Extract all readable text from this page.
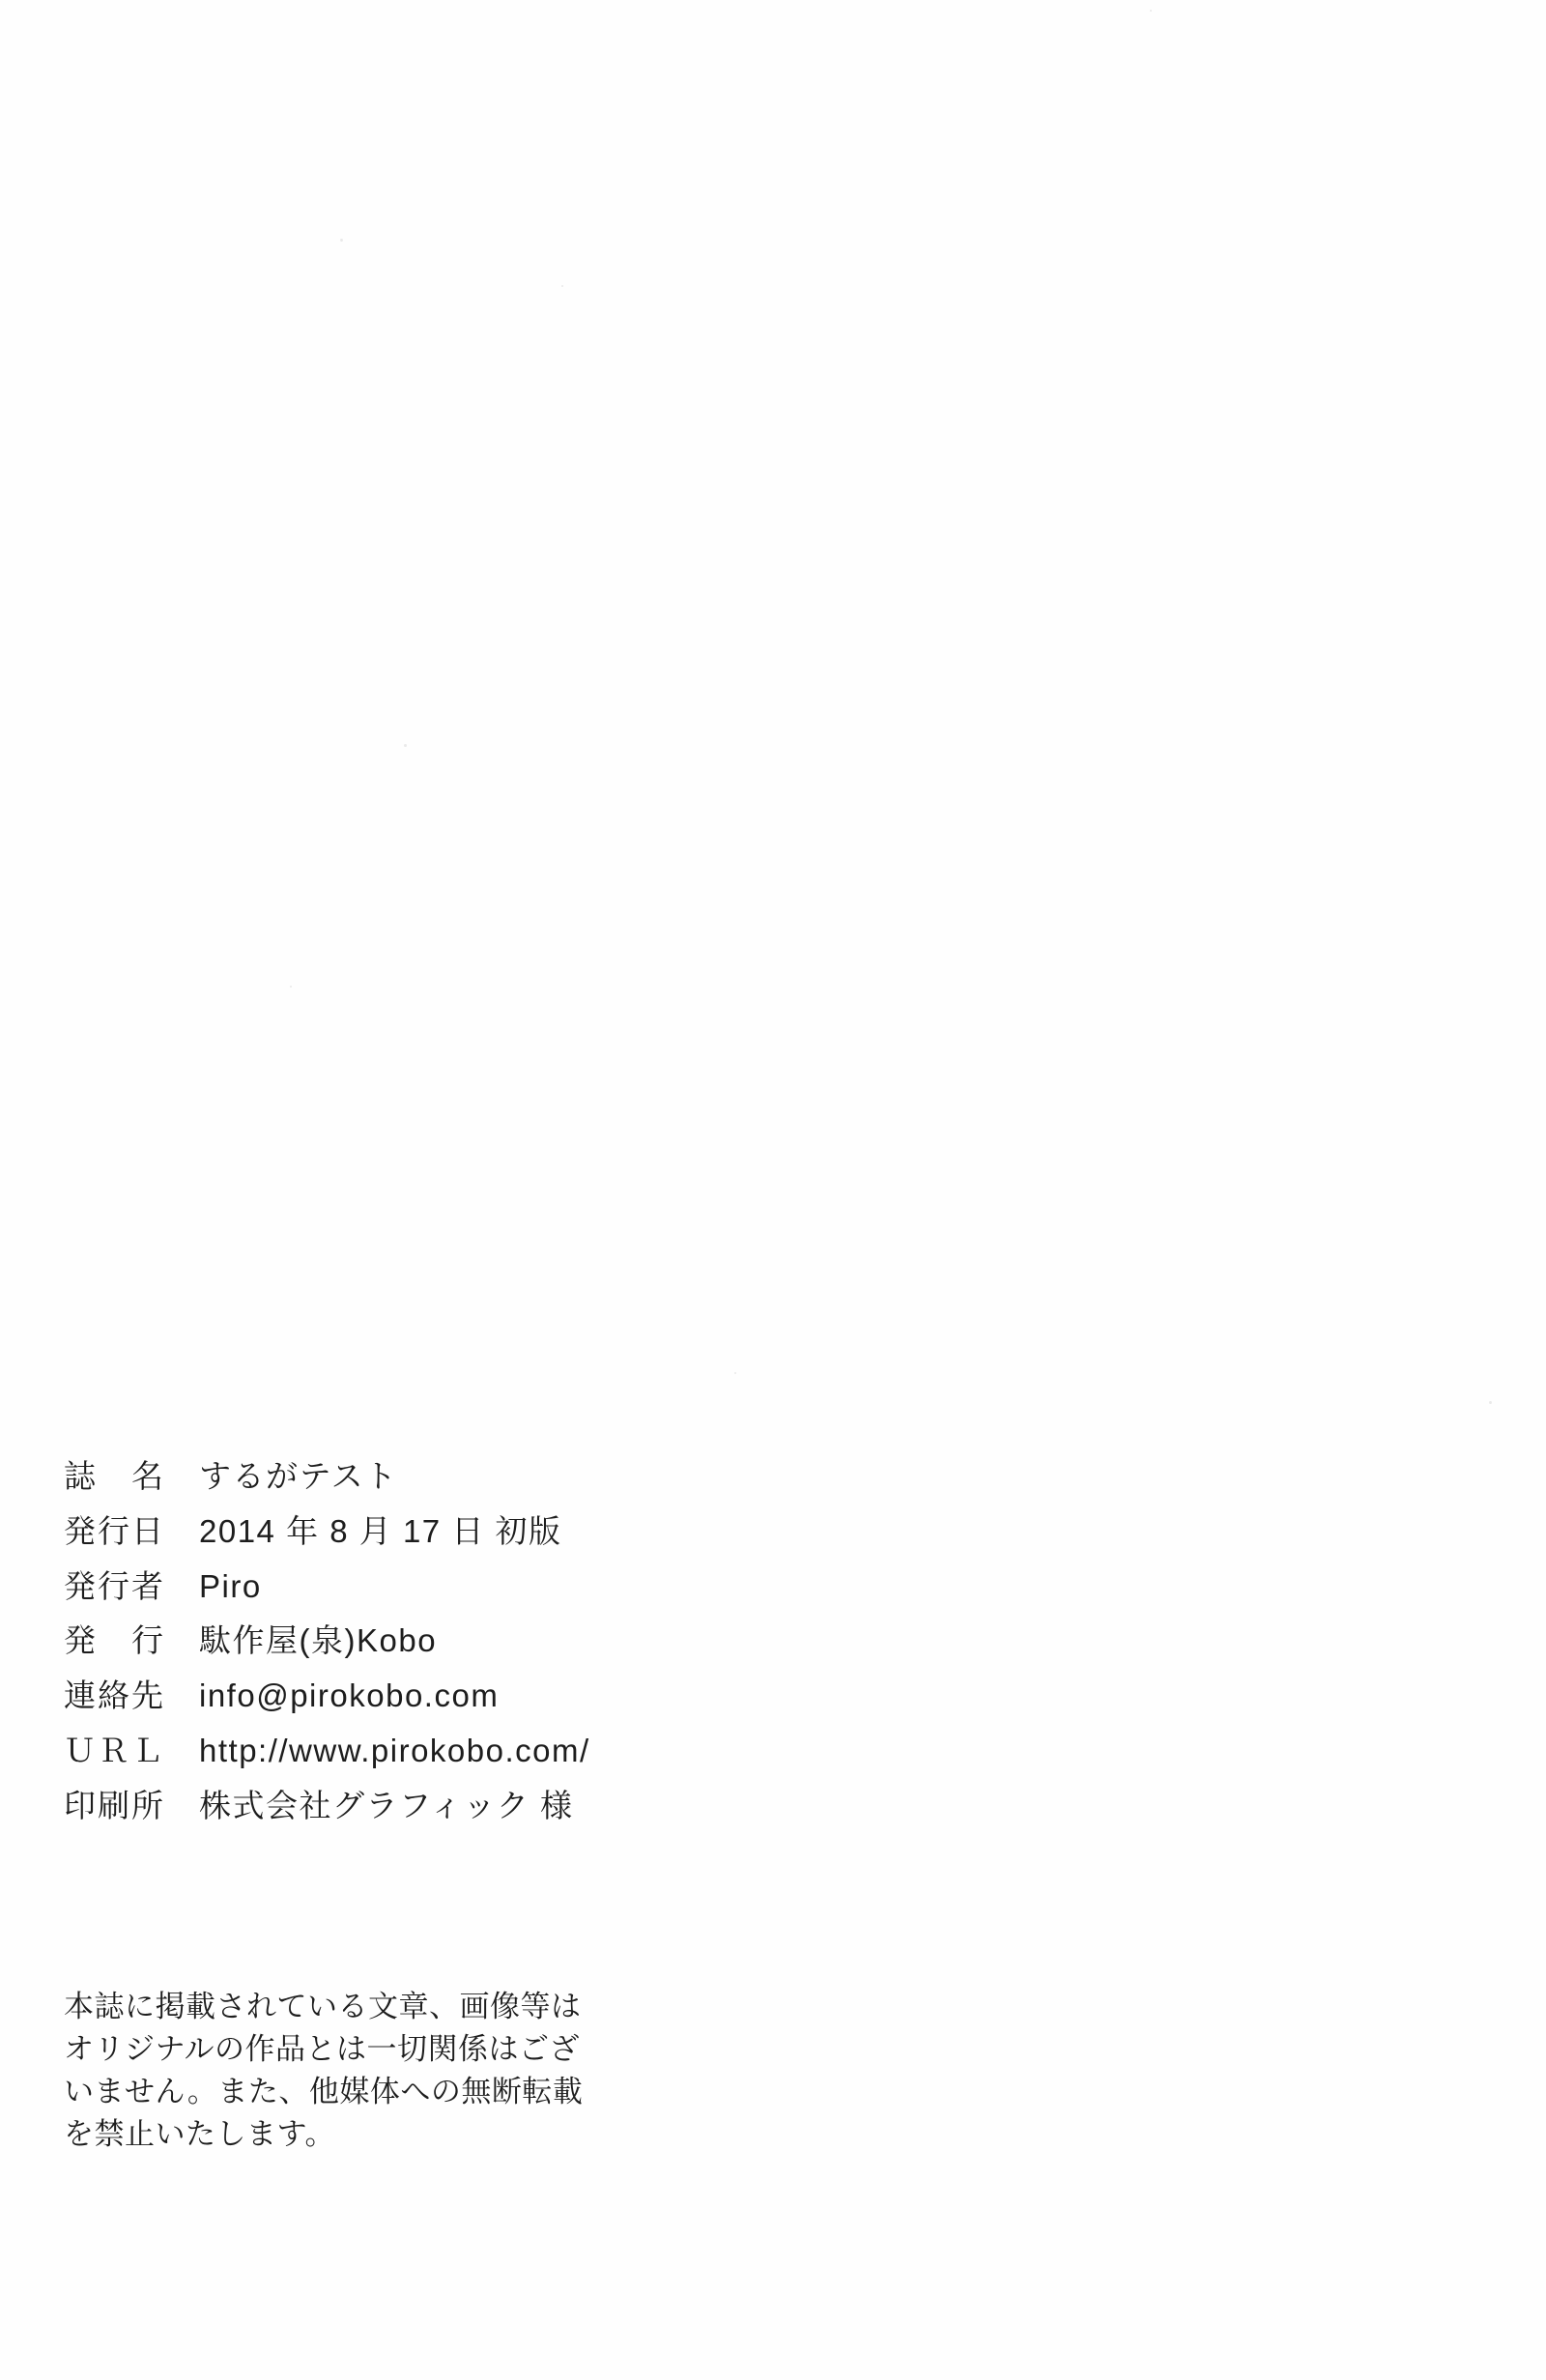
誌　名	するがテスト
発行日	2014 年 8 月 17 日 初版
発行者	Piro
発　行	駄作屋(泉)Kobo
連絡先	info@pirokobo.com
ＵＲＬ	http://www.pirokobo.com/
印刷所	株式会社グラフィック 様

本誌に掲載されている文章、画像等は

オリジナルの作品とは一切関係はござ

いません。また、他媒体への無断転載

を禁止いたします。
